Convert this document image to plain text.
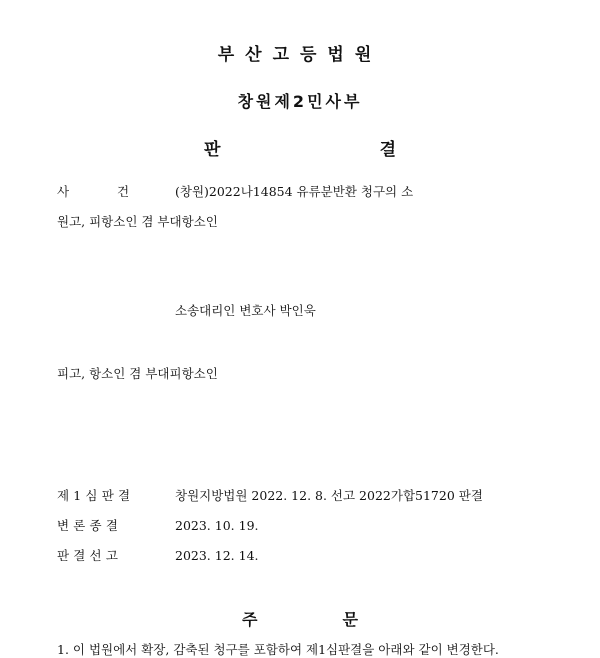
부산고등법원
창원제2민사부
판	결
사	건	(창원)2022나14854 유류분반환 청구의 소
원고, 피항소인 겸 부대항소인
소송대리인 변호사 박인욱
피고, 항소인 겸 부대피항소인
제1심판결	창원지방법원 2022. 12. 8. 선고 2022가합51720 판결
변론종결	2023. 10. 19.
판결선고	2023. 12. 14.
주	문
1. 이 법원에서 확장, 감축된 청구를 포함하여 제1심판결을 아래와 같이 변경한다.
